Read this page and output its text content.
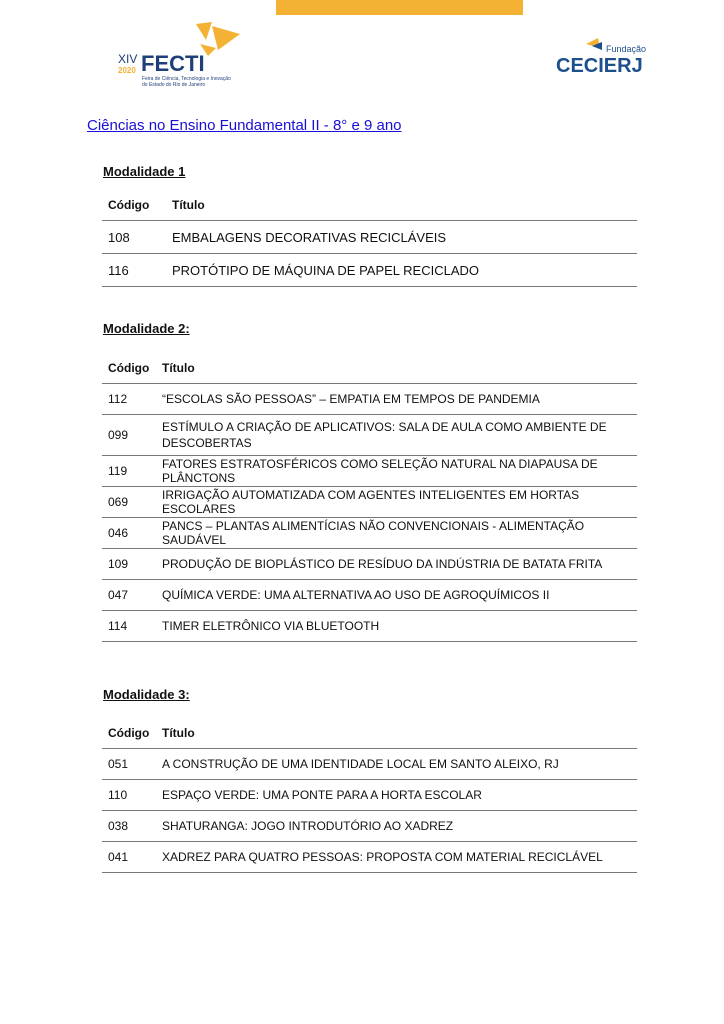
XIV
2020 FECTI
Feira de Ciência, Tecnologia e Inovação
do Estado do Rio de Janeiro
Fundação
CECIERJ
Ciências no Ensino Fundamental II - 8° e 9 ano
Modalidade 1
Código	Título
108	EMBALAGENS DECORATIVAS RECICLÁVEIS
116	PROTÓTIPO DE MÁQUINA DE PAPEL RECICLADO
Modalidade 2:
Código	Título
112	“ESCOLAS SÃO PESSOAS” – EMPATIA EM TEMPOS DE PANDEMIA
099	ESTÍMULO A CRIAÇÃO DE APLICATIVOS: SALA DE AULA COMO AMBIENTE DE DESCOBERTAS
119	FATORES ESTRATOSFÉRICOS COMO SELEÇÃO NATURAL NA DIAPAUSA DE PLÂNCTONS
069	IRRIGAÇÃO AUTOMATIZADA COM AGENTES INTELIGENTES EM HORTAS ESCOLARES
046	PANCS – PLANTAS ALIMENTÍCIAS NÃO CONVENCIONAIS - ALIMENTAÇÃO SAUDÁVEL
109	PRODUÇÃO DE BIOPLÁSTICO DE RESÍDUO DA INDÚSTRIA DE BATATA FRITA
047	QUÍMICA VERDE: UMA ALTERNATIVA AO USO DE AGROQUÍMICOS II
114	TIMER ELETRÔNICO VIA BLUETOOTH
Modalidade 3:
Código	Título
051	A CONSTRUÇÃO DE UMA IDENTIDADE LOCAL EM SANTO ALEIXO, RJ
110	ESPAÇO VERDE: UMA PONTE PARA A HORTA ESCOLAR
038	SHATURANGA: JOGO INTRODUTÓRIO AO XADREZ
041	XADREZ PARA QUATRO PESSOAS: PROPOSTA COM MATERIAL RECICLÁVEL
